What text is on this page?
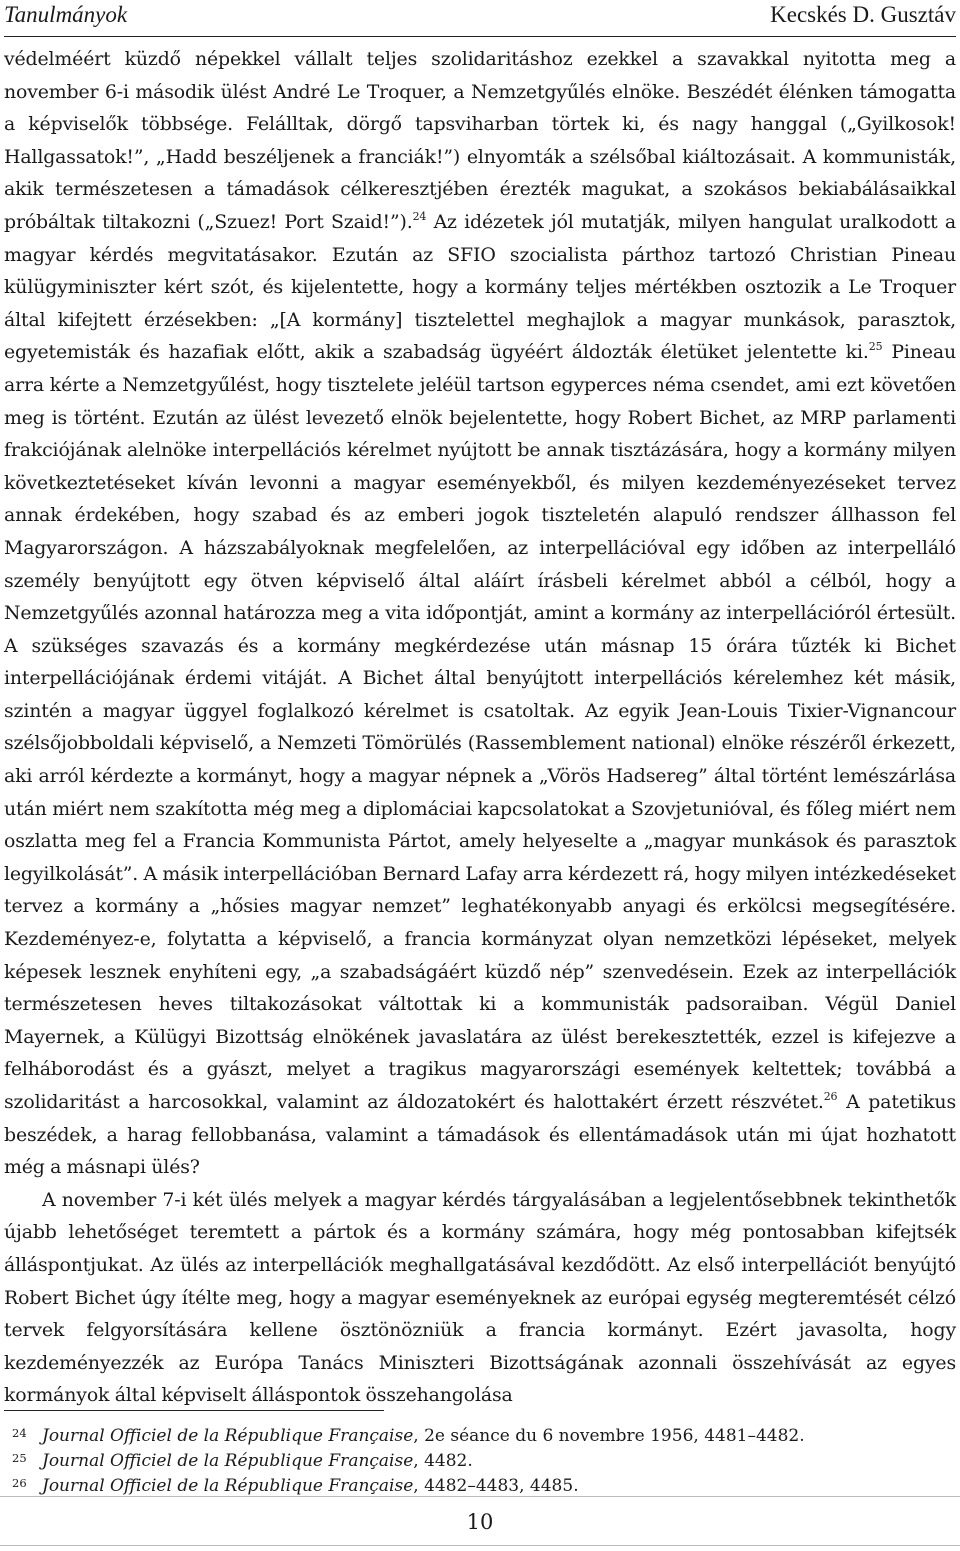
Tanulmányok	Kecskés D. Gusztáv

védelméért küzdő népekkel vállalt teljes szolidaritáshoz ezekkel a szavakkal nyitotta meg a november 6-i második ülést André Le Troquer, a Nemzetgyűlés elnöke. Beszédét élénken támogatta a képviselők többsége. Felálltak, dörgő tapsviharban törtek ki, és nagy hanggal („Gyilkosok! Hallgassatok!”, „Hadd beszéljenek a franciák!”) elnyomták a szélsőbal kiáltozásait. A kommunisták, akik természetesen a támadások célkeresztjében érezték magukat, a szokásos bekiabálásaikkal próbáltak tiltakozni („Szuez! Port Szaid!”).$^{24}$ Az idézetek jól mutatják, milyen hangulat uralkodott a magyar kérdés megvitatásakor. Ezután az SFIO szocialista párthoz tartozó Christian Pineau külügyminiszter kért szót, és kijelentette, hogy a kormány teljes mértékben osztozik a Le Troquer által kifejtett érzésekben: „[A kormány] tisztelettel meghajlok a magyar munkások, parasztok, egyetemisták és hazafiak előtt, akik a szabadság ügyéért áldozták életüket jelentette ki.$^{25}$ Pineau arra kérte a Nemzetgyűlést, hogy tisztelete jeléül tartson egyperces néma csendet, ami ezt követően meg is történt. Ezután az ülést levezető elnök bejelentette, hogy Robert Bichet, az MRP parlamenti frakciójának alelnöke interpellációs kérelmet nyújtott be annak tisztázására, hogy a kormány milyen következtetéseket kíván levonni a magyar eseményekből, és milyen kezdeményezéseket tervez annak érdekében, hogy szabad és az emberi jogok tiszteletén alapuló rendszer állhasson fel Magyarországon. A házszabályoknak megfelelően, az interpellációval egy időben az interpelláló személy benyújtott egy ötven képviselő által aláírt írásbeli kérelmet abból a célból, hogy a Nemzetgyűlés azonnal határozza meg a vita időpontját, amint a kormány az interpellációról értesült. A szükséges szavazás és a kormány megkérdezése után másnap 15 órára tűzték ki Bichet interpellációjának érdemi vitáját. A Bichet által benyújtott interpellációs kérelemhez két másik, szintén a magyar üggyel foglalkozó kérelmet is csatoltak. Az egyik Jean-Louis Tixier-Vignancour szélsőjobboldali képviselő, a Nemzeti Tömörülés (Rassemblement national) elnöke részéről érkezett, aki arról kérdezte a kormányt, hogy a magyar népnek a „Vörös Hadsereg” által történt lemészárlása után miért nem szakította még meg a diplomáciai kapcsolatokat a Szovjetunióval, és főleg miért nem oszlatta meg fel a Francia Kommunista Pártot, amely helyeselte a „magyar munkások és parasztok legyilkolását”. A másik interpellációban Bernard Lafay arra kérdezett rá, hogy milyen intézkedéseket tervez a kormány a „hősies magyar nemzet” leghatékonyabb anyagi és erkölcsi megsegítésére. Kezdeményez-e, folytatta a képviselő, a francia kormányzat olyan nemzetközi lépéseket, melyek képesek lesznek enyhíteni egy, „a szabadságáért küzdő nép” szenvedésein. Ezek az interpellációk természetesen heves tiltakozásokat váltottak ki a kommunisták padsoraiban. Végül Daniel Mayernek, a Külügyi Bizottság elnökének javaslatára az ülést berekesztették, ezzel is kifejezve a felháborodást és a gyászt, melyet a tragikus magyarországi események keltettek; továbbá a szolidaritást a harcosokkal, valamint az áldozatokért és halottakért érzett részvétet.$^{26}$ A patetikus beszédek, a harag fellobbanása, valamint a támadások és ellentámadások után mi újat hozhatott még a másnapi ülés?

A november 7-i két ülés melyek a magyar kérdés tárgyalásában a legjelentősebbnek tekinthetők újabb lehetőséget teremtett a pártok és a kormány számára, hogy még pontosabban kifejtsék álláspontjukat. Az ülés az interpellációk meghallgatásával kezdődött. Az első interpellációt benyújtó Robert Bichet úgy ítélte meg, hogy a magyar eseményeknek az európai egység megteremtését célzó tervek felgyorsítására kellene ösztönözniük a francia kormányt. Ezért javasolta, hogy kezdeményezzék az Európa Tanács Miniszteri Bizottságának azonnali összehívását az egyes kormányok által képviselt álláspontok összehangolása

24 Journal Officiel de la République Française, 2e séance du 6 novembre 1956, 4481–4482.
25 Journal Officiel de la République Française, 4482.
26 Journal Officiel de la République Française, 4482–4483, 4485.
10
